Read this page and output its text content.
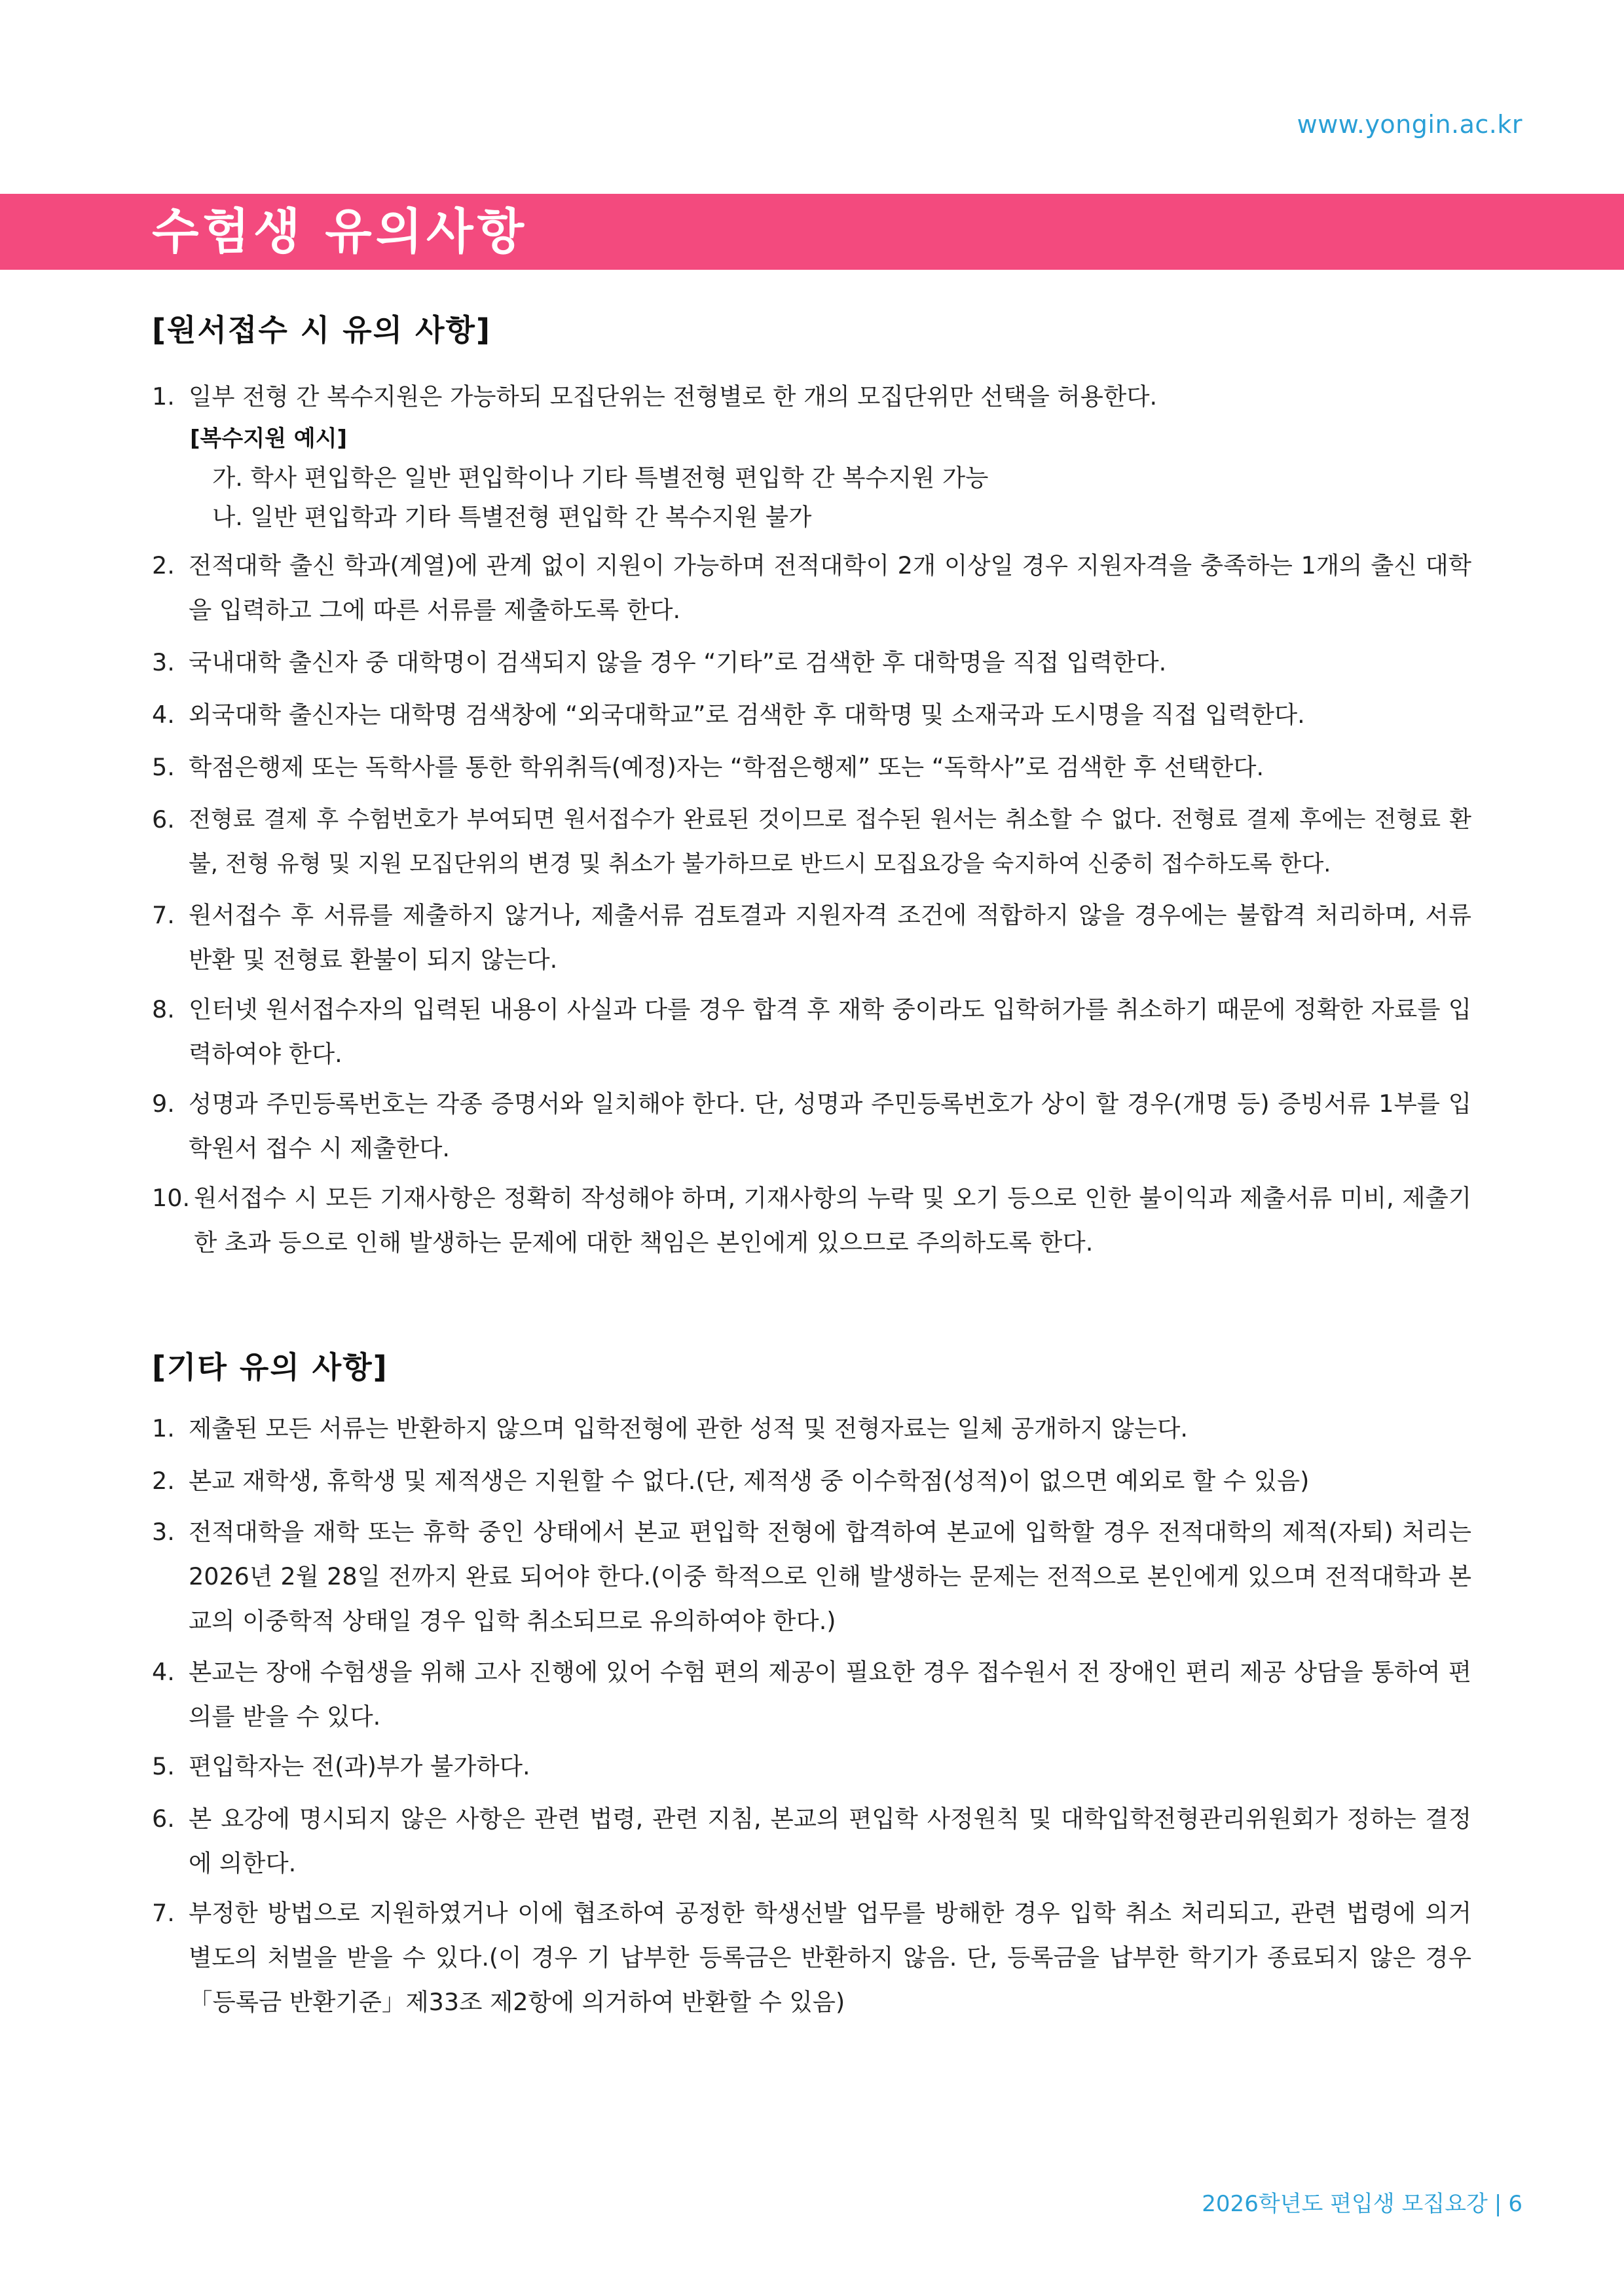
www.yongin.ac.kr
수험생 유의사항
[원서접수 시 유의 사항]
1. 일부 전형 간 복수지원은 가능하되 모집단위는 전형별로 한 개의 모집단위만 선택을 허용한다.
[복수지원 예시]
가. 학사 편입학은 일반 편입학이나 기타 특별전형 편입학 간 복수지원 가능
나. 일반 편입학과 기타 특별전형 편입학 간 복수지원 불가
2. 전적대학 출신 학과(계열)에 관계 없이 지원이 가능하며 전적대학이 2개 이상일 경우 지원자격을 충족하는 1개의 출신 대학을 입력하고 그에 따른 서류를 제출하도록 한다.
3. 국내대학 출신자 중 대학명이 검색되지 않을 경우 “기타”로 검색한 후 대학명을 직접 입력한다.
4. 외국대학 출신자는 대학명 검색창에 “외국대학교”로 검색한 후 대학명 및 소재국과 도시명을 직접 입력한다.
5. 학점은행제 또는 독학사를 통한 학위취득(예정)자는 “학점은행제” 또는 “독학사”로 검색한 후 선택한다.
6. 전형료 결제 후 수험번호가 부여되면 원서접수가 완료된 것이므로 접수된 원서는 취소할 수 없다. 전형료 결제 후에는 전형료 환불, 전형 유형 및 지원 모집단위의 변경 및 취소가 불가하므로 반드시 모집요강을 숙지하여 신중히 접수하도록 한다.
7. 원서접수 후 서류를 제출하지 않거나, 제출서류 검토결과 지원자격 조건에 적합하지 않을 경우에는 불합격 처리하며, 서류 반환 및 전형료 환불이 되지 않는다.
8. 인터넷 원서접수자의 입력된 내용이 사실과 다를 경우 합격 후 재학 중이라도 입학허가를 취소하기 때문에 정확한 자료를 입력하여야 한다.
9. 성명과 주민등록번호는 각종 증명서와 일치해야 한다. 단, 성명과 주민등록번호가 상이 할 경우(개명 등) 증빙서류 1부를 입학원서 접수 시 제출한다.
10. 원서접수 시 모든 기재사항은 정확히 작성해야 하며, 기재사항의 누락 및 오기 등으로 인한 불이익과 제출서류 미비, 제출기한 초과 등으로 인해 발생하는 문제에 대한 책임은 본인에게 있으므로 주의하도록 한다.
[기타 유의 사항]
1. 제출된 모든 서류는 반환하지 않으며 입학전형에 관한 성적 및 전형자료는 일체 공개하지 않는다.
2. 본교 재학생, 휴학생 및 제적생은 지원할 수 없다.(단, 제적생 중 이수학점(성적)이 없으면 예외로 할 수 있음)
3. 전적대학을 재학 또는 휴학 중인 상태에서 본교 편입학 전형에 합격하여 본교에 입학할 경우 전적대학의 제적(자퇴) 처리는 2026년 2월 28일 전까지 완료 되어야 한다.(이중 학적으로 인해 발생하는 문제는 전적으로 본인에게 있으며 전적대학과 본교의 이중학적 상태일 경우 입학 취소되므로 유의하여야 한다.)
4. 본교는 장애 수험생을 위해 고사 진행에 있어 수험 편의 제공이 필요한 경우 접수원서 전 장애인 편리 제공 상담을 통하여 편의를 받을 수 있다.
5. 편입학자는 전(과)부가 불가하다.
6. 본 요강에 명시되지 않은 사항은 관련 법령, 관련 지침, 본교의 편입학 사정원칙 및 대학입학전형관리위원회가 정하는 결정에 의한다.
7. 부정한 방법으로 지원하였거나 이에 협조하여 공정한 학생선발 업무를 방해한 경우 입학 취소 처리되고, 관련 법령에 의거 별도의 처벌을 받을 수 있다.(이 경우 기 납부한 등록금은 반환하지 않음. 단, 등록금을 납부한 학기가 종료되지 않은 경우 「등록금 반환기준」제33조 제2항에 의거하여 반환할 수 있음)
2026학년도 편입생 모집요강 | 6
